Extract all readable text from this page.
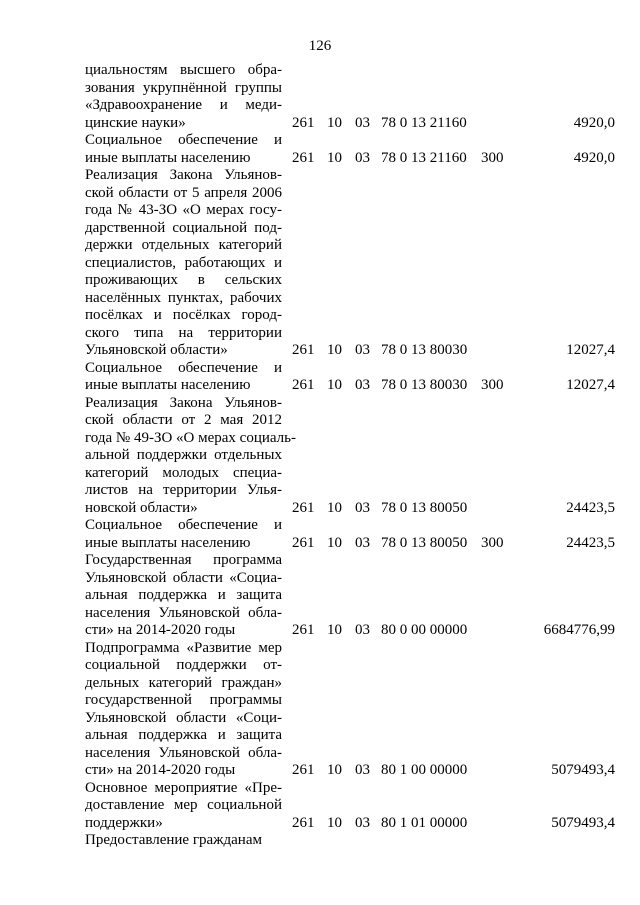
126
циальностям высшего обра-
зования укрупнённой группы
«Здравоохранение и меди-
цинские науки»	261 10 03 78 0 13 21160	4920,0
Социальное обеспечение и
иные выплаты населению	261 10 03 78 0 13 21160 300	4920,0
Реализация Закона Ульянов-
ской области от 5 апреля 2006
года № 43-ЗО «О мерах госу-
дарственной социальной под-
держки отдельных категорий
специалистов, работающих и
проживающих в сельских
населённых пунктах, рабочих
посёлках и посёлках город-
ского типа на территории
Ульяновской области»	261 10 03 78 0 13 80030	12027,4
Социальное обеспечение и
иные выплаты населению	261 10 03 78 0 13 80030 300	12027,4
Реализация Закона Ульянов-
ской области от 2 мая 2012
года № 49-ЗО «О мерах социаль-
альной поддержки отдельных
категорий молодых специа-
листов на территории Улья-
новской области»	261 10 03 78 0 13 80050	24423,5
Социальное обеспечение и
иные выплаты населению	261 10 03 78 0 13 80050 300	24423,5
Государственная программа
Ульяновской области «Социа-
альная поддержка и защита
населения Ульяновской обла-
сти» на 2014-2020 годы	261 10 03 80 0 00 00000	6684776,99
Подпрограмма «Развитие мер
социальной поддержки от-
дельных категорий граждан»
государственной программы
Ульяновской области «Соци-
альная поддержка и защита
населения Ульяновской обла-
сти» на 2014-2020 годы	261 10 03 80 1 00 00000	5079493,4
Основное мероприятие «Пре-
доставление мер социальной
поддержки»	261 10 03 80 1 01 00000	5079493,4
Предоставление гражданам
